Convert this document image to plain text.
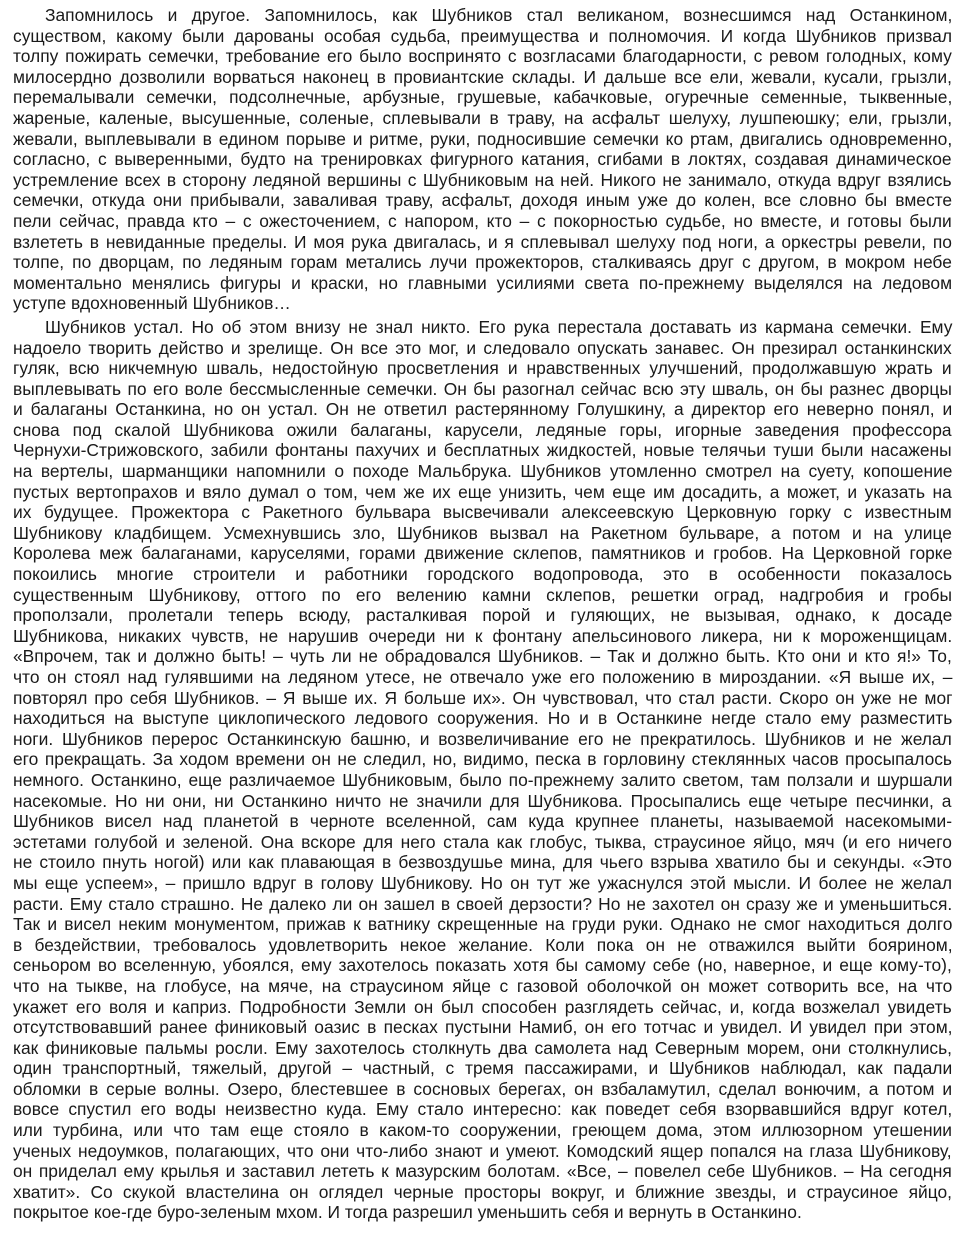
Запомнилось и другое. Запомнилось, как Шубников стал великаном, вознесшимся над Останкином,
существом, какому были дарованы особая судьба, преимущества и полномочия. И когда Шубников призвал
толпу пожирать семечки, требование его было воспринято с возгласами благодарности, с ревом голодных, кому
милосердно дозволили ворваться наконец в провиантские склады. И дальше все ели, жевали, кусали, грызли,
перемалывали семечки, подсолнечные, арбузные, грушевые, кабачковые, огуречные семенные, тыквенные,
жареные, каленые, высушенные, соленые, сплевывали в траву, на асфальт шелуху, лушпеюшку; ели, грызли,
жевали, выплевывали в едином порыве и ритме, руки, подносившие семечки ко ртам, двигались одновременно,
согласно, с выверенными, будто на тренировках фигурного катания, сгибами в локтях, создавая динамическое
устремление всех в сторону ледяной вершины с Шубниковым на ней. Никого не занимало, откуда вдруг взялись
семечки, откуда они прибывали, заваливая траву, асфальт, доходя иным уже до колен, все словно бы вместе
пели сейчас, правда кто – с ожесточением, с напором, кто – с покорностью судьбе, но вместе, и готовы были
взлететь в невиданные пределы. И моя рука двигалась, и я сплевывал шелуху под ноги, а оркестры ревели, по
толпе, по дворцам, по ледяным горам метались лучи прожекторов, сталкиваясь друг с другом, в мокром небе
моментально менялись фигуры и краски, но главными усилиями света по-прежнему выделялся на ледовом
уступе вдохновенный Шубников…
Шубников устал. Но об этом внизу не знал никто. Его рука перестала доставать из кармана семечки. Ему
надоело творить действо и зрелище. Он все это мог, и следовало опускать занавес. Он презирал останкинских
гуляк, всю никчемную шваль, недостойную просветления и нравственных улучшений, продолжавшую жрать и
выплевывать по его воле бессмысленные семечки. Он бы разогнал сейчас всю эту шваль, он бы разнес дворцы
и балаганы Останкина, но он устал. Он не ответил растерянному Голушкину, а директор его неверно понял, и
снова под скалой Шубникова ожили балаганы, карусели, ледяные горы, игорные заведения профессора
Чернухи-Стрижовского, забили фонтаны пахучих и бесплатных жидкостей, новые телячьи туши были насажены
на вертелы, шарманщики напомнили о походе Мальбрука. Шубников утомленно смотрел на суету, копошение
пустых вертопрахов и вяло думал о том, чем же их еще унизить, чем еще им досадить, а может, и указать на
их будущее. Прожектора с Ракетного бульвара высвечивали алексеевскую Церковную горку с известным
Шубникову кладбищем. Усмехнувшись зло, Шубников вызвал на Ракетном бульваре, а потом и на улице
Королева меж балаганами, каруселями, горами движение склепов, памятников и гробов. На Церковной горке
покоились многие строители и работники городского водопровода, это в особенности показалось
существенным Шубникову, оттого по его велению камни склепов, решетки оград, надгробия и гробы
проползали, пролетали теперь всюду, расталкивая порой и гуляющих, не вызывая, однако, к досаде
Шубникова, никаких чувств, не нарушив очереди ни к фонтану апельсинового ликера, ни к мороженщицам.
«Впрочем, так и должно быть! – чуть ли не обрадовался Шубников. – Так и должно быть. Кто они и кто я!» То,
что он стоял над гулявшими на ледяном утесе, не отвечало уже его положению в мироздании. «Я выше их, –
повторял про себя Шубников. – Я выше их. Я больше их». Он чувствовал, что стал расти. Скоро он уже не мог
находиться на выступе циклопического ледового сооружения. Но и в Останкине негде стало ему разместить
ноги. Шубников перерос Останкинскую башню, и возвеличивание его не прекратилось. Шубников и не желал
его прекращать. За ходом времени он не следил, но, видимо, песка в горловину стеклянных часов просыпалось
немного. Останкино, еще различаемое Шубниковым, было по-прежнему залито светом, там ползали и шуршали
насекомые. Но ни они, ни Останкино ничто не значили для Шубникова. Просыпались еще четыре песчинки, а
Шубников висел над планетой в черноте вселенной, сам куда крупнее планеты, называемой насекомыми-
эстетами голубой и зеленой. Она вскоре для него стала как глобус, тыква, страусиное яйцо, мяч (и его ничего
не стоило пнуть ногой) или как плавающая в безвоздушье мина, для чьего взрыва хватило бы и секунды. «Это
мы еще успеем», – пришло вдруг в голову Шубникову. Но он тут же ужаснулся этой мысли. И более не желал
расти. Ему стало страшно. Не далеко ли он зашел в своей дерзости? Но не захотел он сразу же и уменьшиться.
Так и висел неким монументом, прижав к ватнику скрещенные на груди руки. Однако не смог находиться долго
в бездействии, требовалось удовлетворить некое желание. Коли пока он не отважился выйти боярином,
сеньором во вселенную, убоялся, ему захотелось показать хотя бы самому себе (но, наверное, и еще кому-то),
что на тыкве, на глобусе, на мяче, на страусином яйце с газовой оболочкой он может сотворить все, на что
укажет его воля и каприз. Подробности Земли он был способен разглядеть сейчас, и, когда возжелал увидеть
отсутствовавший ранее финиковый оазис в песках пустыни Намиб, он его тотчас и увидел. И увидел при этом,
как финиковые пальмы росли. Ему захотелось столкнуть два самолета над Северным морем, они столкнулись,
один транспортный, тяжелый, другой – частный, с тремя пассажирами, и Шубников наблюдал, как падали
обломки в серые волны. Озеро, блестевшее в сосновых берегах, он взбаламутил, сделал вонючим, а потом и
вовсе спустил его воды неизвестно куда. Ему стало интересно: как поведет себя взорвавшийся вдруг котел,
или турбина, или что там еще стояло в каком-то сооружении, греющем дома, этом иллюзорном утешении
ученых недоумков, полагающих, что они что-либо знают и умеют. Комодский ящер попался на глаза Шубникову,
он приделал ему крылья и заставил лететь к мазурским болотам. «Все, – повелел себе Шубников. – На сегодня
хватит». Со скукой властелина он оглядел черные просторы вокруг, и ближние звезды, и страусиное яйцо,
покрытое кое-где буро-зеленым мхом. И тогда разрешил уменьшить себя и вернуть в Останкино.
